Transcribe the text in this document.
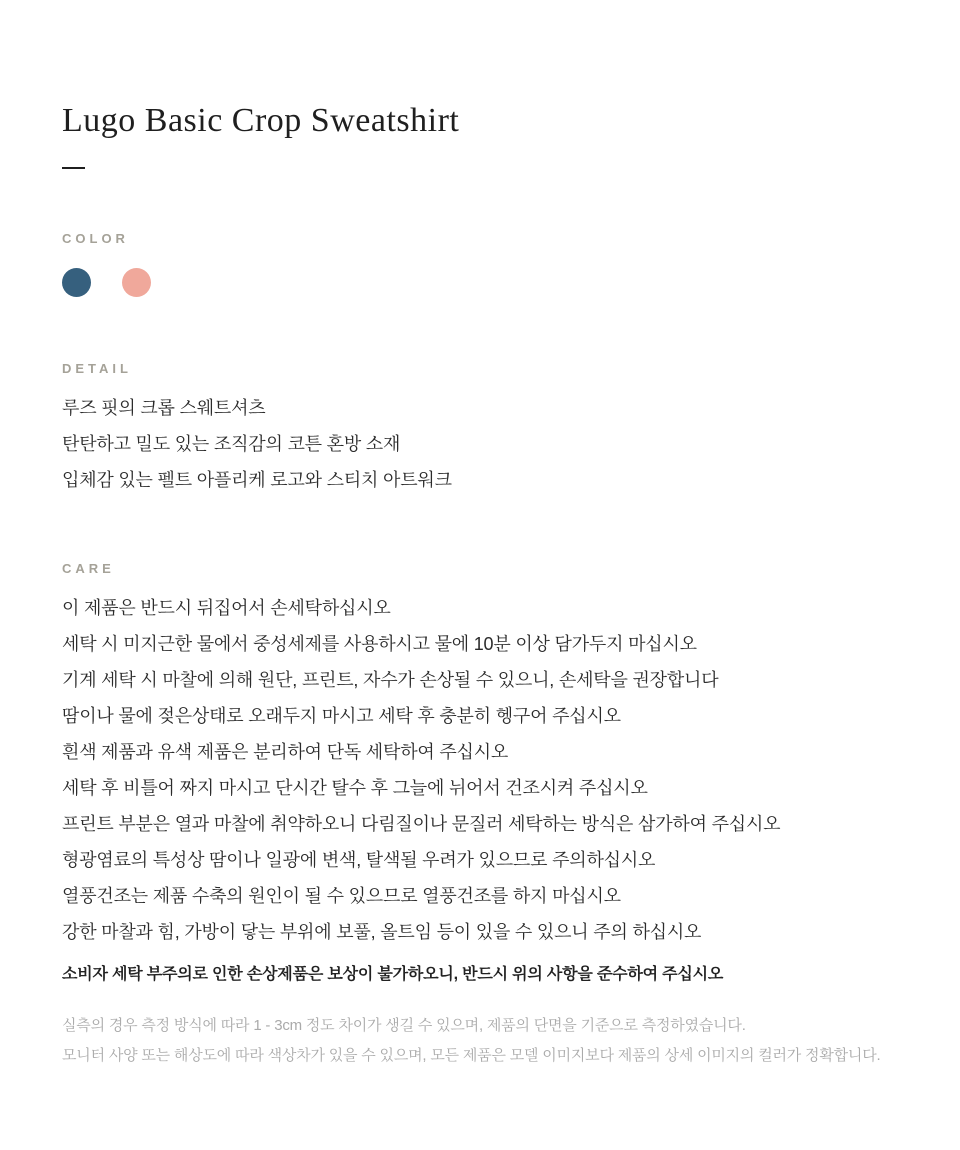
Lugo Basic Crop Sweatshirt
COLOR
DETAIL

루즈 핏의 크롭 스웨트셔츠

탄탄하고 밀도 있는 조직감의 코튼 혼방 소재

입체감 있는 펠트 아플리케 로고와 스티치 아트워크

CARE

이 제품은 반드시 뒤집어서 손세탁하십시오

세탁 시 미지근한 물에서 중성세제를 사용하시고 물에 10분 이상 담가두지 마십시오

기계 세탁 시 마찰에 의해 원단, 프린트, 자수가 손상될 수 있으니, 손세탁을 권장합니다

땀이나 물에 젖은상태로 오래두지 마시고 세탁 후 충분히 헹구어 주십시오

흰색 제품과 유색 제품은 분리하여 단독 세탁하여 주십시오

세탁 후 비틀어 짜지 마시고 단시간 탈수 후 그늘에 뉘어서 건조시켜 주십시오

프린트 부분은 열과 마찰에 취약하오니 다림질이나 문질러 세탁하는 방식은 삼가하여 주십시오

형광염료의 특성상 땀이나 일광에 변색, 탈색될 우려가 있으므로 주의하십시오

열풍건조는 제품 수축의 원인이 될 수 있으므로 열풍건조를 하지 마십시오

강한 마찰과 힘, 가방이 닿는 부위에 보풀, 올트임 등이 있을 수 있으니 주의 하십시오

소비자 세탁 부주의로 인한 손상제품은 보상이 불가하오니, 반드시 위의 사항을 준수하여 주십시오

실측의 경우 측정 방식에 따라 1 - 3cm 정도 차이가 생길 수 있으며, 제품의 단면을 기준으로 측정하였습니다.

모니터 사양 또는 해상도에 따라 색상차가 있을 수 있으며, 모든 제품은 모델 이미지보다 제품의 상세 이미지의 컬러가 정확합니다.
